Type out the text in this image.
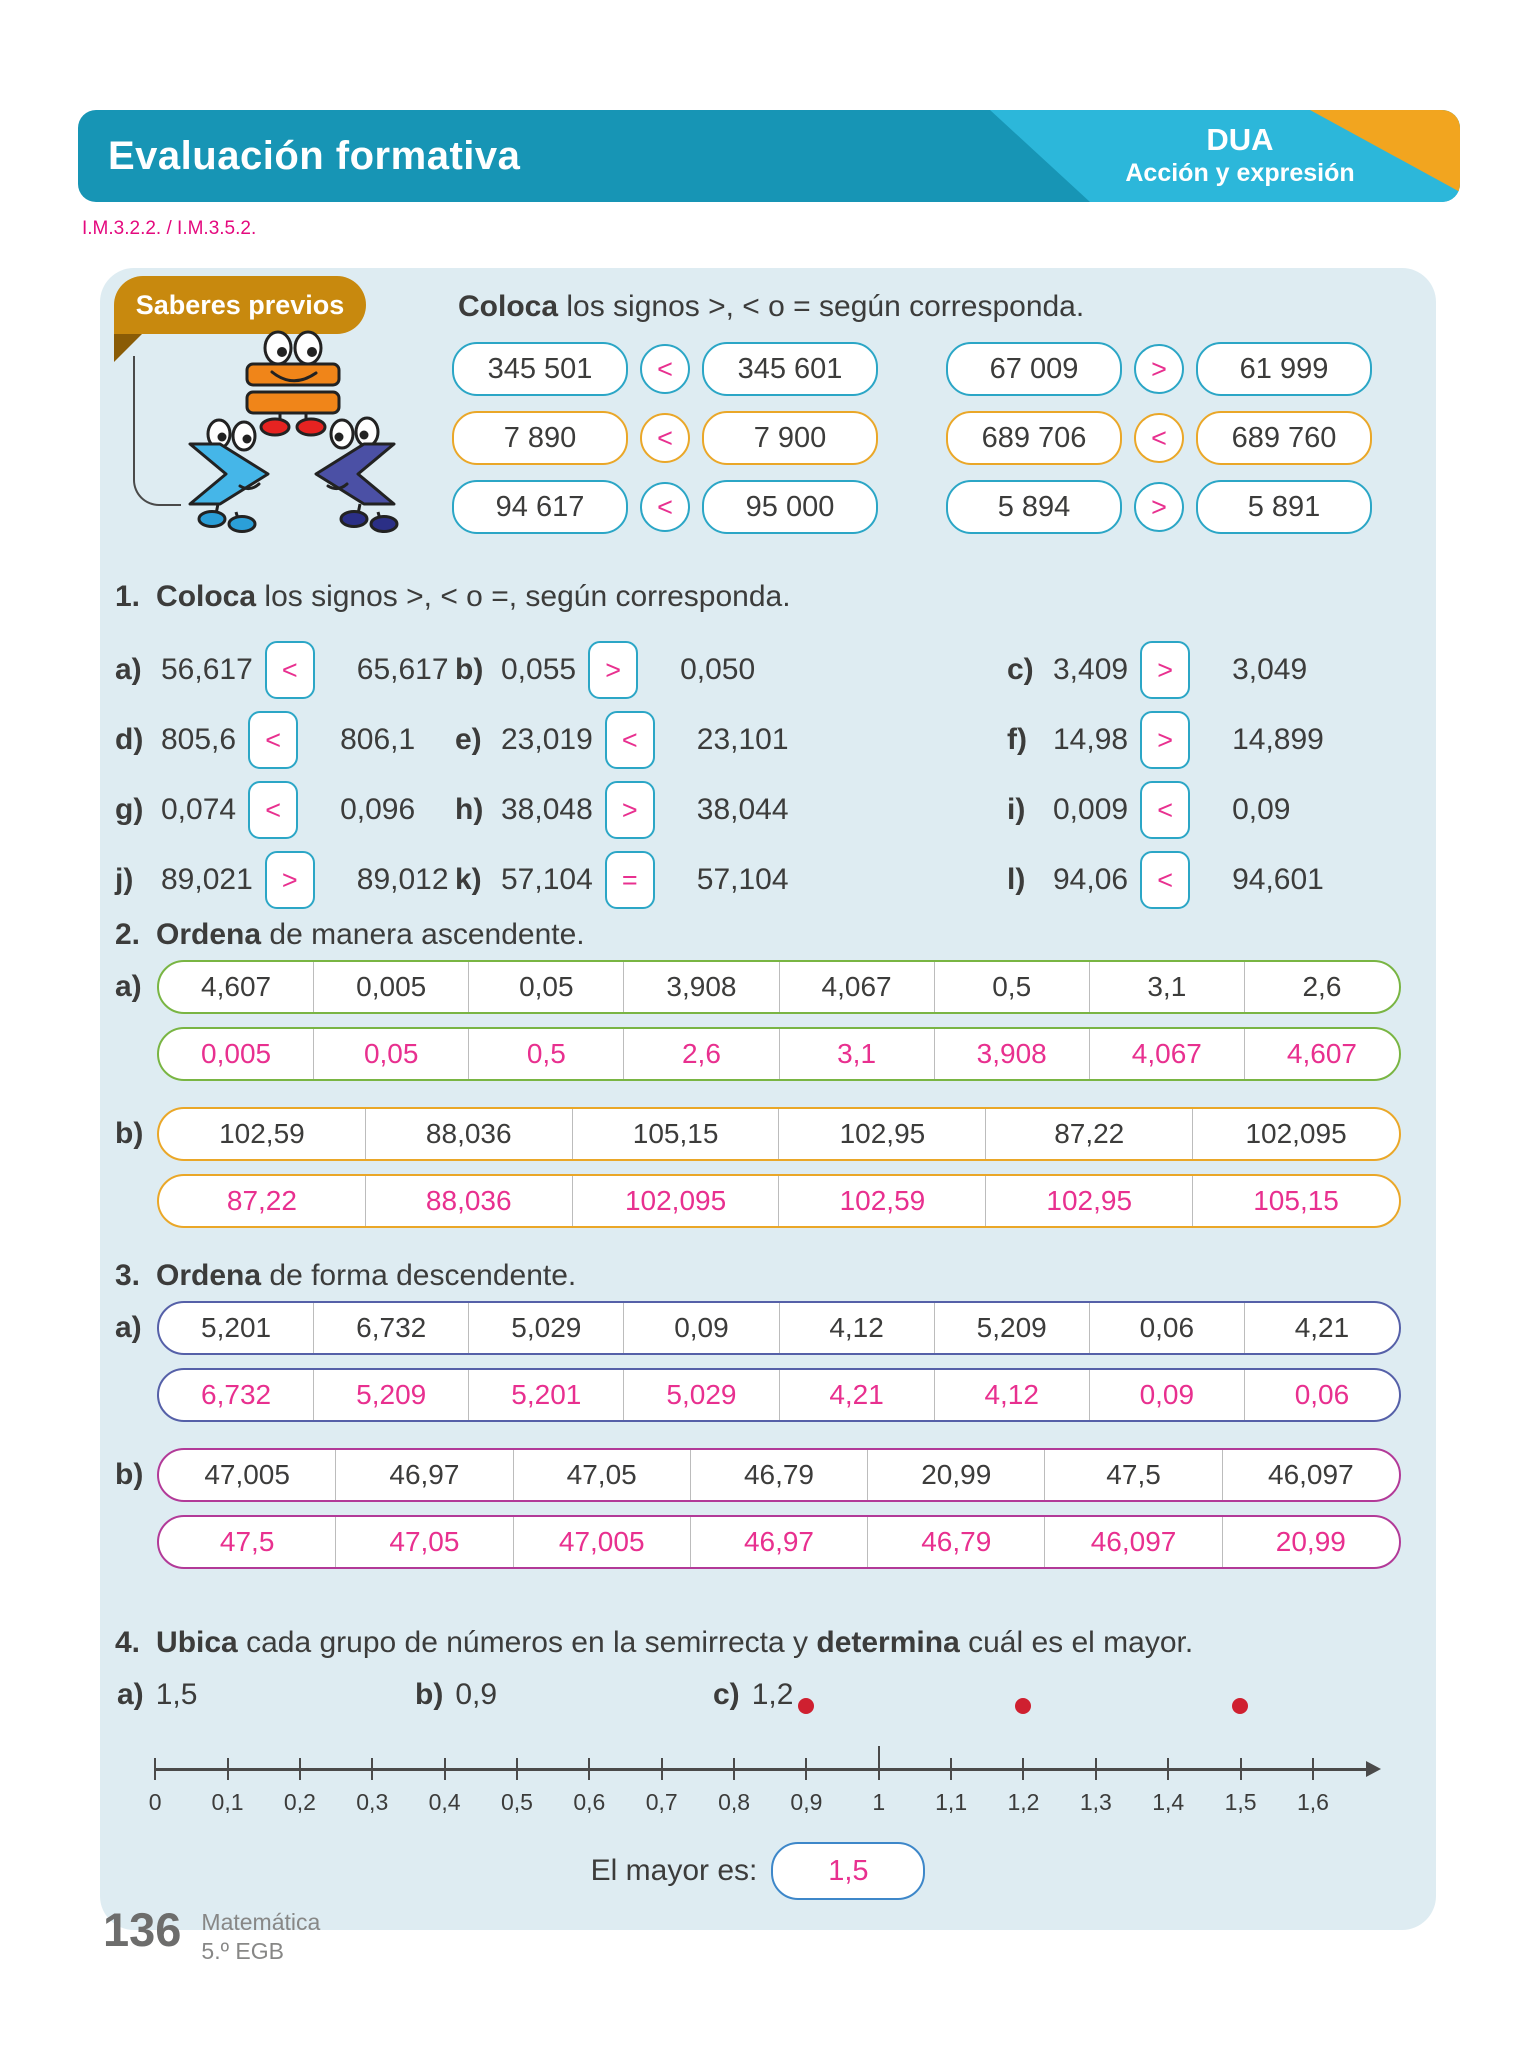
Evaluación formativa	DUA
Acción y expresión
I.M.3.2.2. / I.M.3.5.2.
Saberes previos	Coloca los signos >, < o = según corresponda.
345 501	<	345 601	67 009	>	61 999
7 890	<	7 900	689 706	<	689 760
94 617	<	95 000	5 894	>	5 891
1. Coloca los signos >, < o =, según corresponda.
a) 56,617	<	65,617 b) 0,055	>	0,050	c) 3,409	>	3,049
d) 805,6	<	806,1 e) 23,019	<	23,101	f) 14,98	>	14,899
g) 0,074	<	0,096 h) 38,048	>	38,044	i) 0,009	<	0,09
j) 89,021	>	89,012 k) 57,104	=	57,104	l) 94,06	<	94,601
2. Ordena de manera ascendente.
a)	4,607	0,005	0,05	3,908	4,067	0,5	3,1	2,6
0,005	0,05	0,5	2,6	3,1	3,908	4,067	4,607
b)	102,59	88,036	105,15	102,95	87,22	102,095
87,22	88,036	102,095	102,59	102,95	105,15
3. Ordena de forma descendente.
a)	5,201	6,732	5,029	0,09	4,12	5,209	0,06	4,21
6,732	5,209	5,201	5,029	4,21	4,12	0,09	0,06
b)	47,005	46,97	47,05	46,79	20,99	47,5	46,097
47,5	47,05	47,005	46,97	46,79	46,097	20,99
4. Ubica cada grupo de números en la semirrecta y determina cuál es el mayor.
a) 1,5	b) 0,9	c) 1,2
0 0,1 0,2 0,3 0,4 0,5 0,6 0,7 0,8 0,9 1 1,1 1,2 1,3 1,4 1,5 1,6
El mayor es:	1,5
136 Matemática
5.º EGB
